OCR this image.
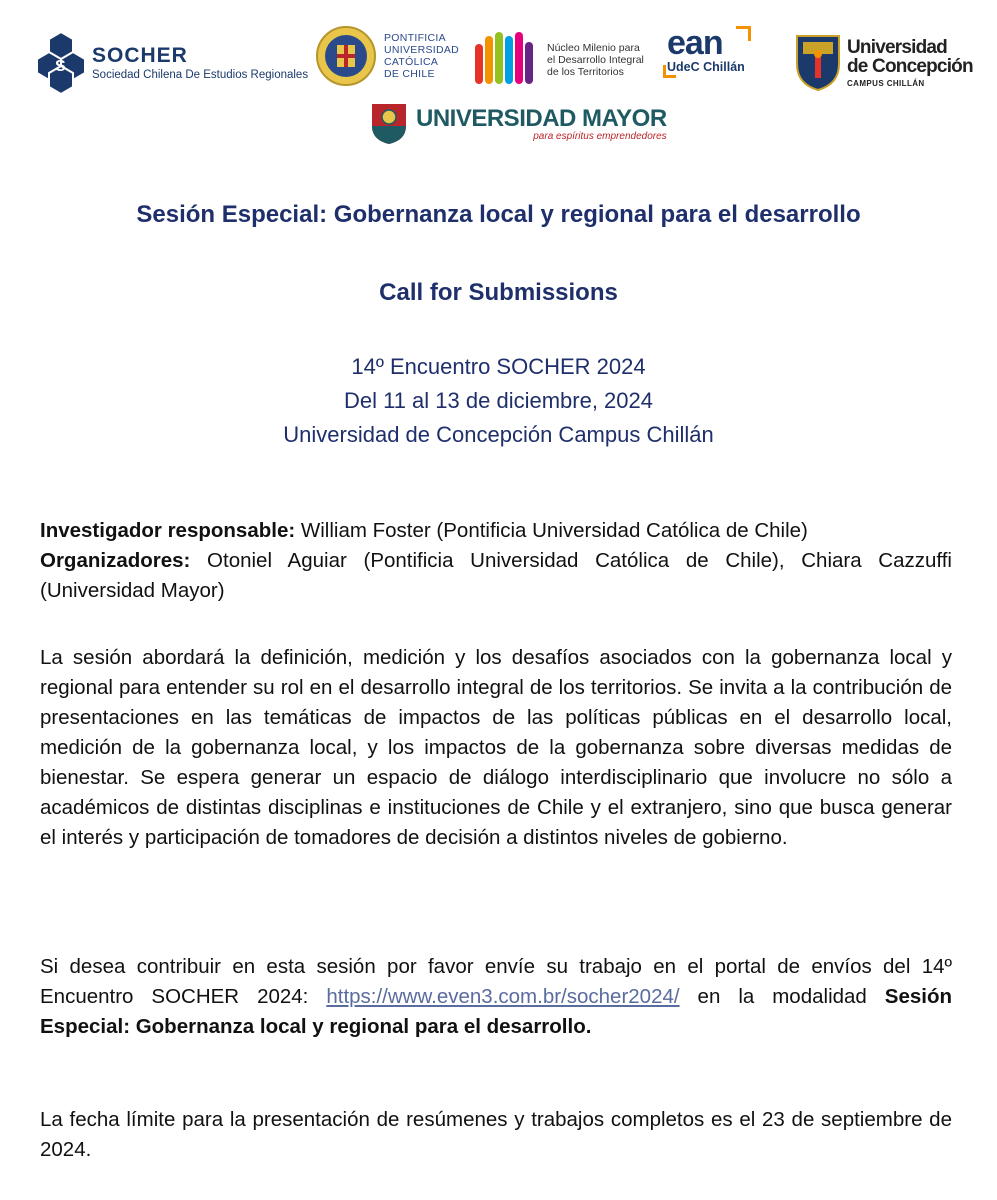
S SOCHER
Sociedad Chilena De Estudios Regionales
PONTIFICIA
UNIVERSIDAD
CATÓLICA
DE CHILE
Núcleo Milenio para
el Desarrollo Integral
de los Territorios
ean
UdeC Chillán
Universidad
de Concepción
CAMPUS CHILLÁN
UNIVERSIDAD MAYOR
para espíritus emprendedores
Sesión Especial: Gobernanza local y regional para el desarrollo
Call for Submissions
14º Encuentro SOCHER 2024
Del 11 al 13 de diciembre, 2024
Universidad de Concepción Campus Chillán
Investigador responsable: William Foster (Pontificia Universidad Católica de Chile)
Organizadores: Otoniel Aguiar (Pontificia Universidad Católica de Chile), Chiara Cazzuffi (Universidad Mayor)
La sesión abordará la definición, medición y los desafíos asociados con la gobernanza local y regional para entender su rol en el desarrollo integral de los territorios. Se invita a la contribución de presentaciones en las temáticas de impactos de las políticas públicas en el desarrollo local, medición de la gobernanza local, y los impactos de la gobernanza sobre diversas medidas de bienestar. Se espera generar un espacio de diálogo interdisciplinario que involucre no sólo a académicos de distintas disciplinas e instituciones de Chile y el extranjero, sino que busca generar el interés y participación de tomadores de decisión a distintos niveles de gobierno.
Si desea contribuir en esta sesión por favor envíe su trabajo en el portal de envíos del 14º Encuentro SOCHER 2024: https://www.even3.com.br/socher2024/ en la modalidad Sesión Especial: Gobernanza local y regional para el desarrollo.
La fecha límite para la presentación de resúmenes y trabajos completos es el 23 de septiembre de 2024.
